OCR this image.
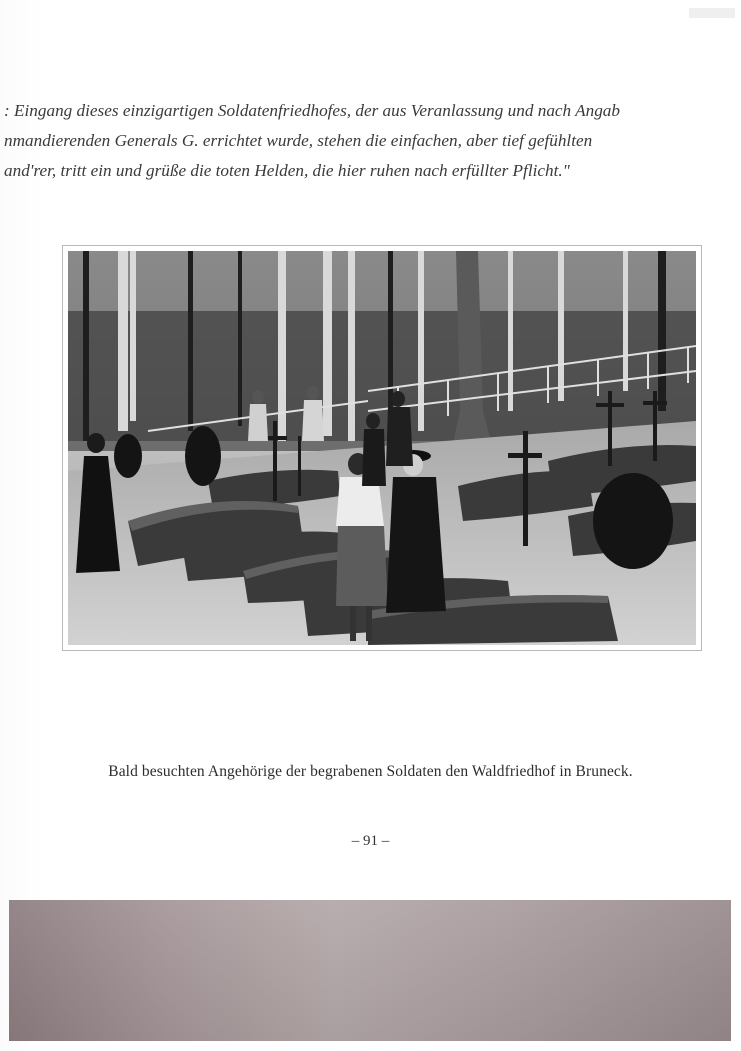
: Eingang dieses einzigartigen Soldatenfriedhofes, der aus Veranlassung und nach Angab
nmandierenden Generals G. errichtet wurde, stehen die einfachen, aber tief gefühlten
and'rer, tritt ein und grüße die toten Helden, die hier ruhen nach erfüllter Pflicht."
Bald besuchten Angehörige der begrabenen Soldaten den Waldfriedhof in Bruneck.
– 91 –
